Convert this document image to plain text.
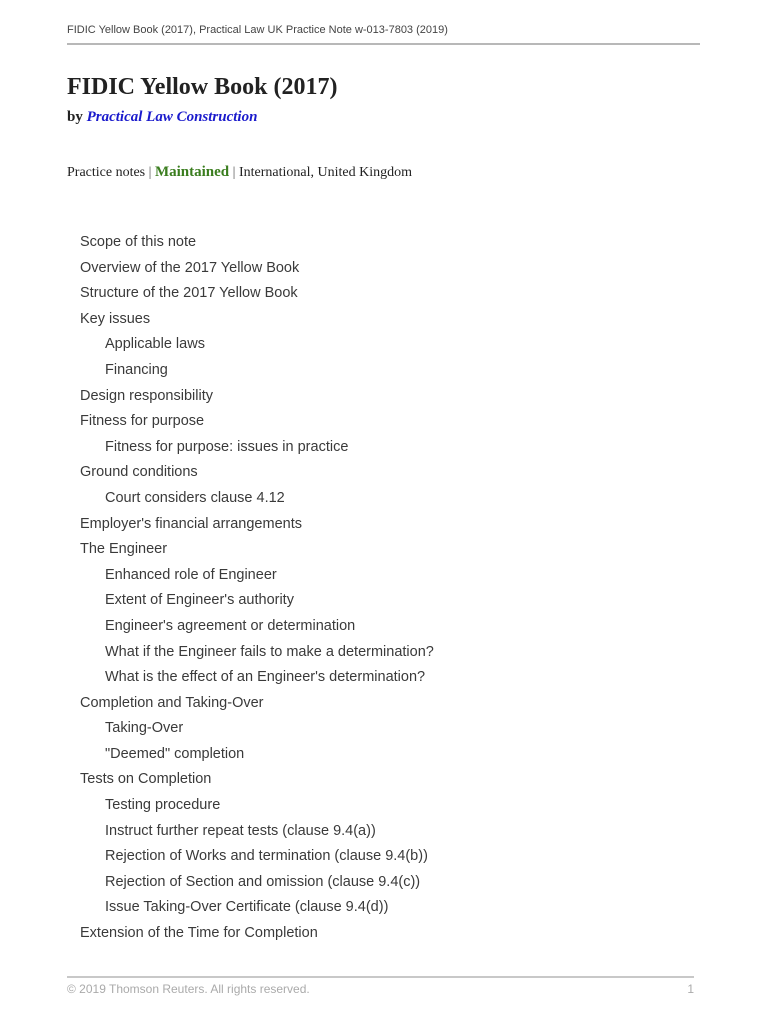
FIDIC Yellow Book (2017), Practical Law UK Practice Note w-013-7803 (2019)
FIDIC Yellow Book (2017)
by Practical Law Construction
Practice notes | Maintained | International, United Kingdom
Scope of this note
Overview of the 2017 Yellow Book
Structure of the 2017 Yellow Book
Key issues
Applicable laws
Financing
Design responsibility
Fitness for purpose
Fitness for purpose: issues in practice
Ground conditions
Court considers clause 4.12
Employer's financial arrangements
The Engineer
Enhanced role of Engineer
Extent of Engineer's authority
Engineer's agreement or determination
What if the Engineer fails to make a determination?
What is the effect of an Engineer's determination?
Completion and Taking-Over
Taking-Over
"Deemed" completion
Tests on Completion
Testing procedure
Instruct further repeat tests (clause 9.4(a))
Rejection of Works and termination (clause 9.4(b))
Rejection of Section and omission (clause 9.4(c))
Issue Taking-Over Certificate (clause 9.4(d))
Extension of the Time for Completion
© 2019 Thomson Reuters. All rights reserved.	1
